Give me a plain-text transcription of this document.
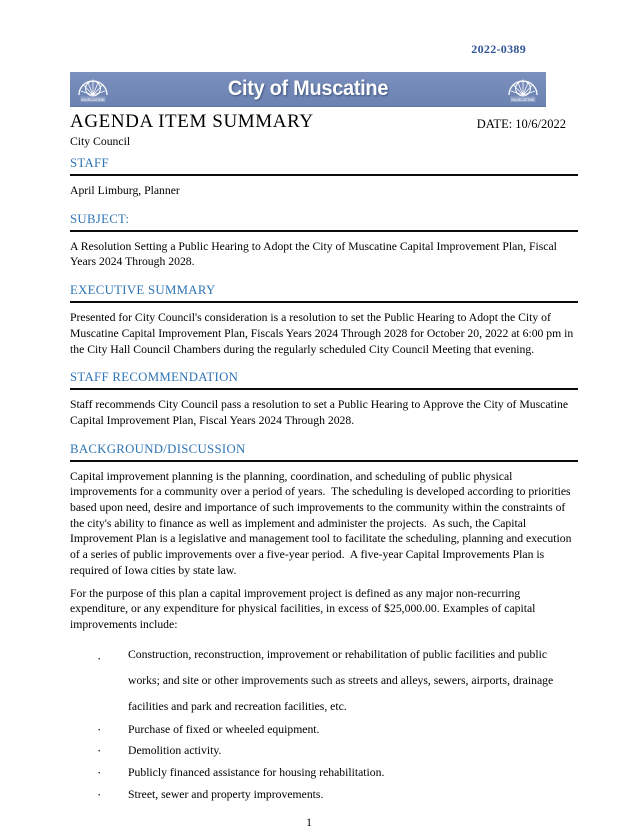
2022-0389
MUSCATINE	City of Muscatine	MUSCATINE
AGENDA ITEM SUMMARY	DATE: 10/6/2022
City Council
STAFF

April Limburg, Planner

SUBJECT:

A Resolution Setting a Public Hearing to Adopt the City of Muscatine Capital Improvement Plan, Fiscal Years 2024 Through 2028.

EXECUTIVE SUMMARY

Presented for City Council's consideration is a resolution to set the Public Hearing to Adopt the City of Muscatine Capital Improvement Plan, Fiscals Years 2024 Through 2028 for October 20, 2022 at 6:00 pm in the City Hall Council Chambers during the regularly scheduled City Council Meeting that evening.

STAFF RECOMMENDATION

Staff recommends City Council pass a resolution to set a Public Hearing to Approve the City of Muscatine Capital Improvement Plan, Fiscal Years 2024 Through 2028.

BACKGROUND/DISCUSSION

Capital improvement planning is the planning, coordination, and scheduling of public physical improvements for a community over a period of years.  The scheduling is developed according to priorities based upon need, desire and importance of such improvements to the community within the constraints of the city's ability to finance as well as implement and administer the projects.  As such, the Capital Improvement Plan is a legislative and management tool to facilitate the scheduling, planning and execution of a series of public improvements over a five-year period.  A five-year Capital Improvements Plan is required of Iowa cities by state law.

For the purpose of this plan a capital improvement project is defined as any major non-recurring expenditure, or any expenditure for physical facilities, in excess of $25,000.00. Examples of capital improvements include:

· Construction, reconstruction, improvement or rehabilitation of public facilities and public works; and site or other improvements such as streets and alleys, sewers, airports, drainage facilities and park and recreation facilities, etc.
· Purchase of fixed or wheeled equipment.
· Demolition activity.
· Publicly financed assistance for housing rehabilitation.
· Street, sewer and property improvements.
1
